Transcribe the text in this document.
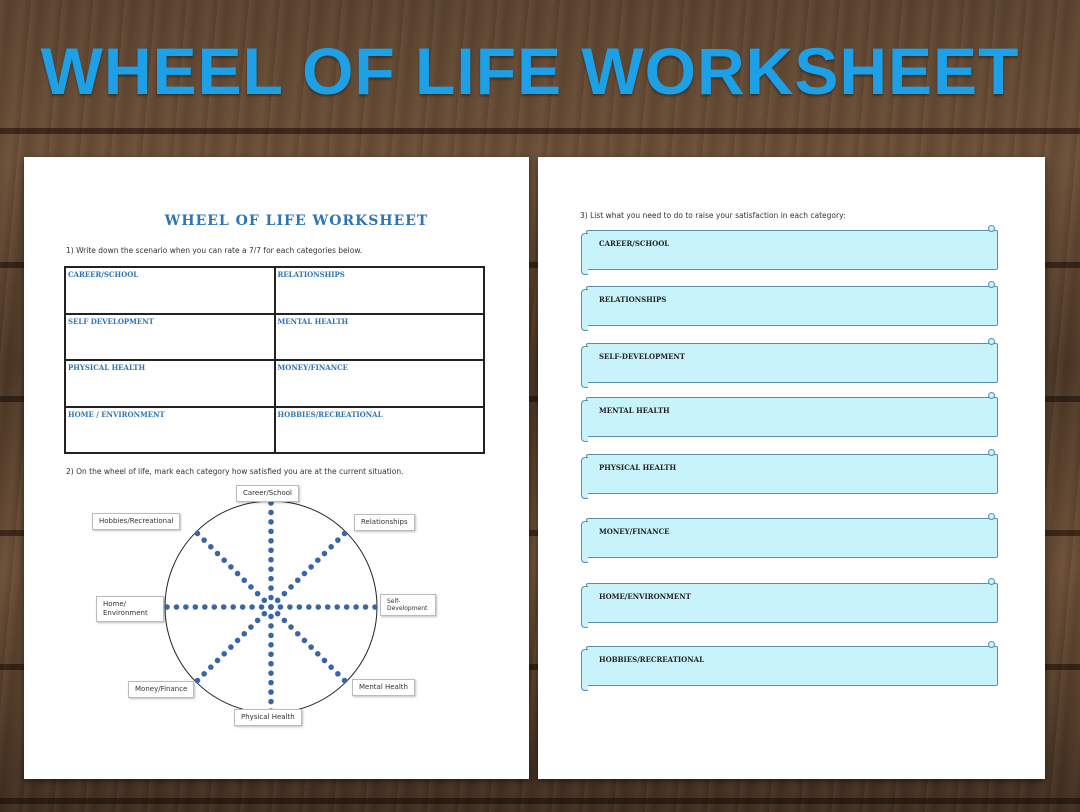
WHEEL OF LIFE WORKSHEET
WHEEL OF LIFE WORKSHEET

1) Write down the scenario when you can rate a 7/7 for each categories below.

CAREER/SCHOOL	RELATIONSHIPS
SELF DEVELOPMENT	MENTAL HEALTH
PHYSICAL HEALTH	MONEY/FINANCE
HOME / ENVIRONMENT	HOBBIES/RECREATIONAL

2) On the wheel of life, mark each category how satisfied you are at the current situation.

Career/School
Relationships
Self-Development
Mental Health
Physical Health
Money/Finance
Home/ Environment
Hobbies/Recreational

3) List what you need to do to raise your satisfaction in each category:

CAREER/SCHOOL
RELATIONSHIPS
SELF-DEVELOPMENT
MENTAL HEALTH
PHYSICAL HEALTH
MONEY/FINANCE
HOME/ENVIRONMENT
HOBBIES/RECREATIONAL
